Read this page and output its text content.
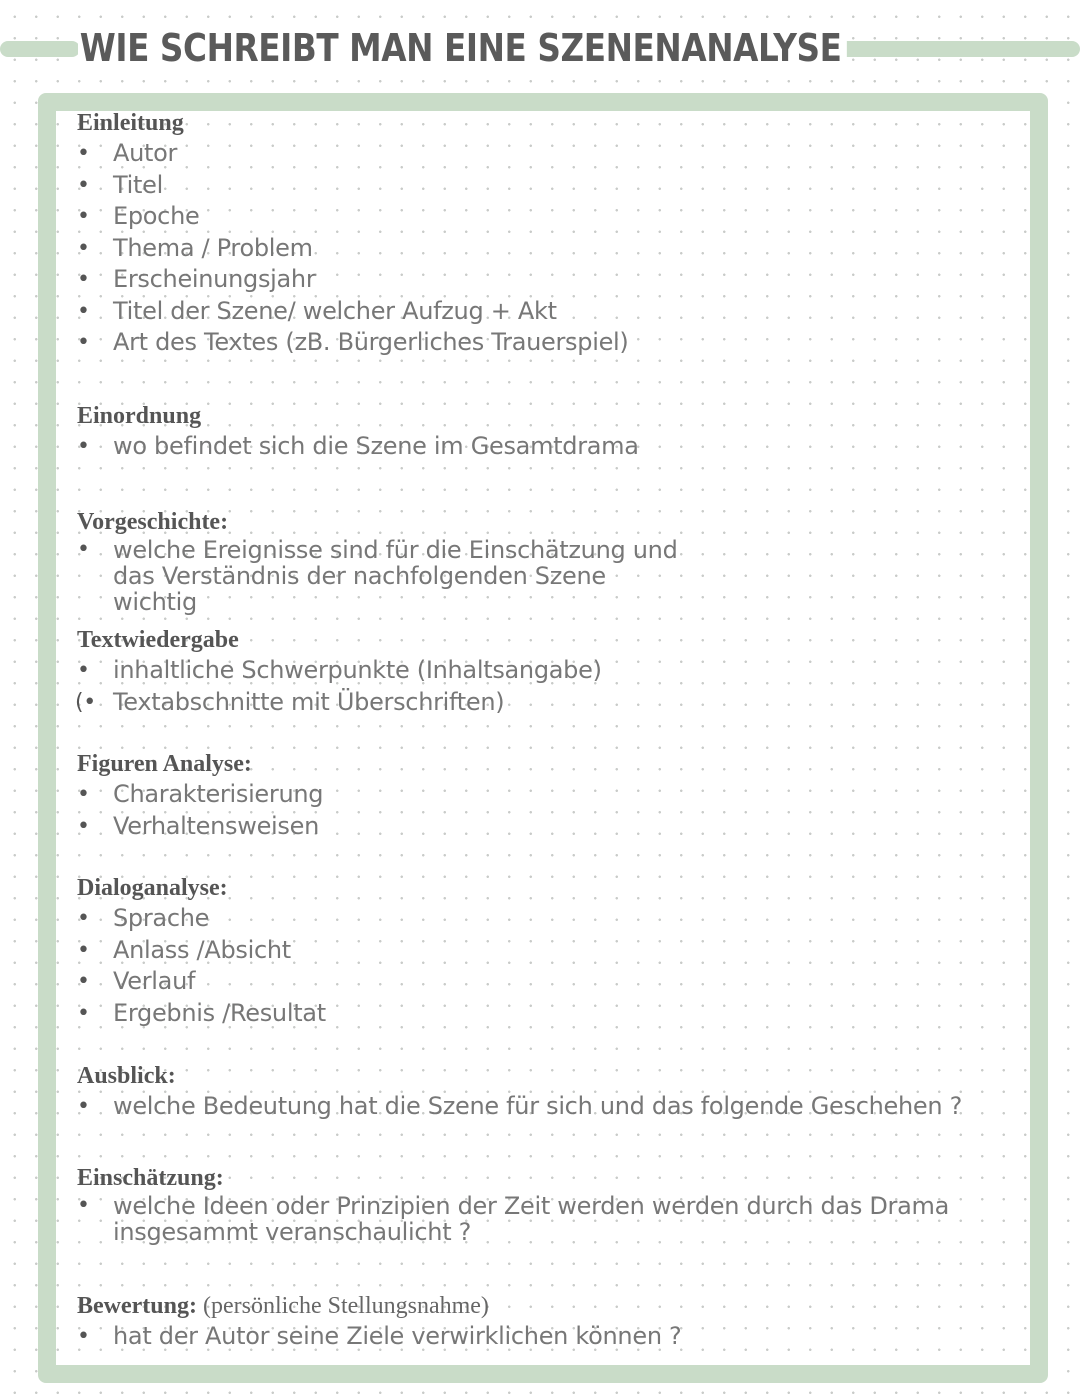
WIE SCHREIBT MAN EINE SZENENANALYSE
Einleitung
• Autor
• Titel
• Epoche
• Thema / Problem
• Erscheinungsjahr
• Titel der Szene/ welcher Aufzug + Akt
• Art des Textes (zB. Bürgerliches Trauerspiel)
Einordnung
• wo befindet sich die Szene im Gesamtdrama
Vorgeschichte:
• welche Ereignisse sind für die Einschätzung und das Verständnis der nachfolgenden Szene wichtig
Textwiedergabe
• inhaltliche Schwerpunkte (Inhaltsangabe)
(• Textabschnitte mit Überschriften)
Figuren Analyse:
• Charakterisierung
• Verhaltensweisen
Dialoganalyse:
• Sprache
• Anlass /Absicht
• Verlauf
• Ergebnis /Resultat
Ausblick:
• welche Bedeutung hat die Szene für sich und das folgende Geschehen ?
Einschätzung:
• welche Ideen oder Prinzipien der Zeit werden werden durch das Drama insgesammt veranschaulicht ?
Bewertung: (persönliche Stellungsnahme)
• hat der Autor seine Ziele verwirklichen können ?
